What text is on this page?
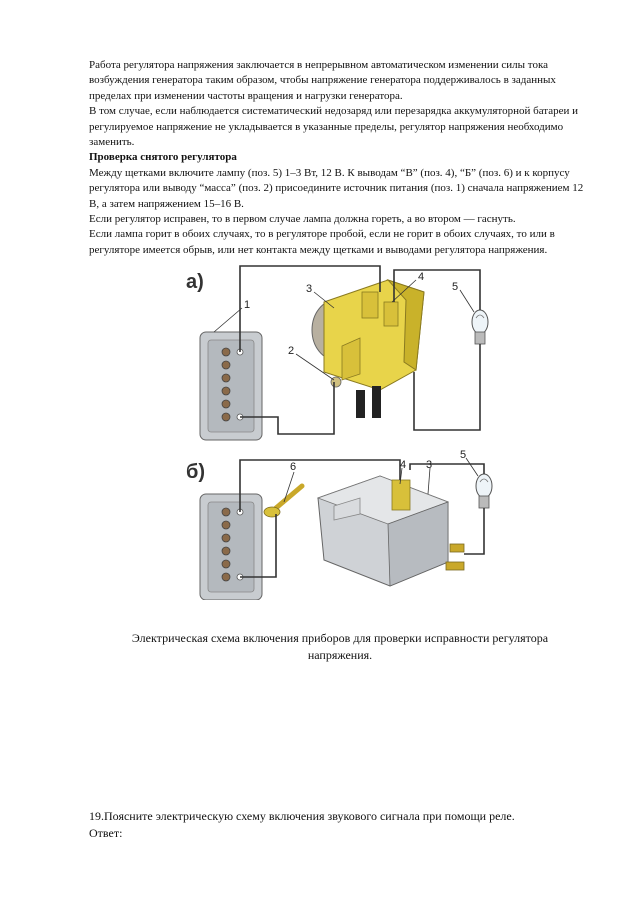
Работа регулятора напряжения заключается в непрерывном автоматическом изменении силы тока возбуждения генератора таким образом, чтобы напряжение генератора поддерживалось в заданных пределах при изменении частоты вращения и нагрузки генератора.

В том случае, если наблюдается систематический недозаряд или перезарядка аккумуляторной батареи и регулируемое напряжение не укладывается в указанные пределы, регулятор напряжения необходимо заменить.

Проверка снятого регулятора

Между щетками включите лампу (поз. 5) 1–3 Вт, 12 В. К выводам “В” (поз. 4), “Б” (поз. 6) и к корпусу регулятора или выводу “масса” (поз. 2) присоедините источник питания (поз. 1) сначала напряжением 12 В, а затем напряжением 15–16 В.

Если регулятор исправен, то в первом случае лампа должна гореть, а во втором — гаснуть.

Если лампа горит в обоих случаях, то в регуляторе пробой, если не горит в обоих случаях, то или в регуляторе имеется обрыв, или нет контакта между щетками и выводами регулятора напряжения.

а)
1
2
3
4
5
б)	6	4 3
5
Электрическая схема включения приборов для проверки исправности регулятора напряжения.

19.Поясните электрическую схему включения звукового сигнала при помощи реле.

Ответ:
